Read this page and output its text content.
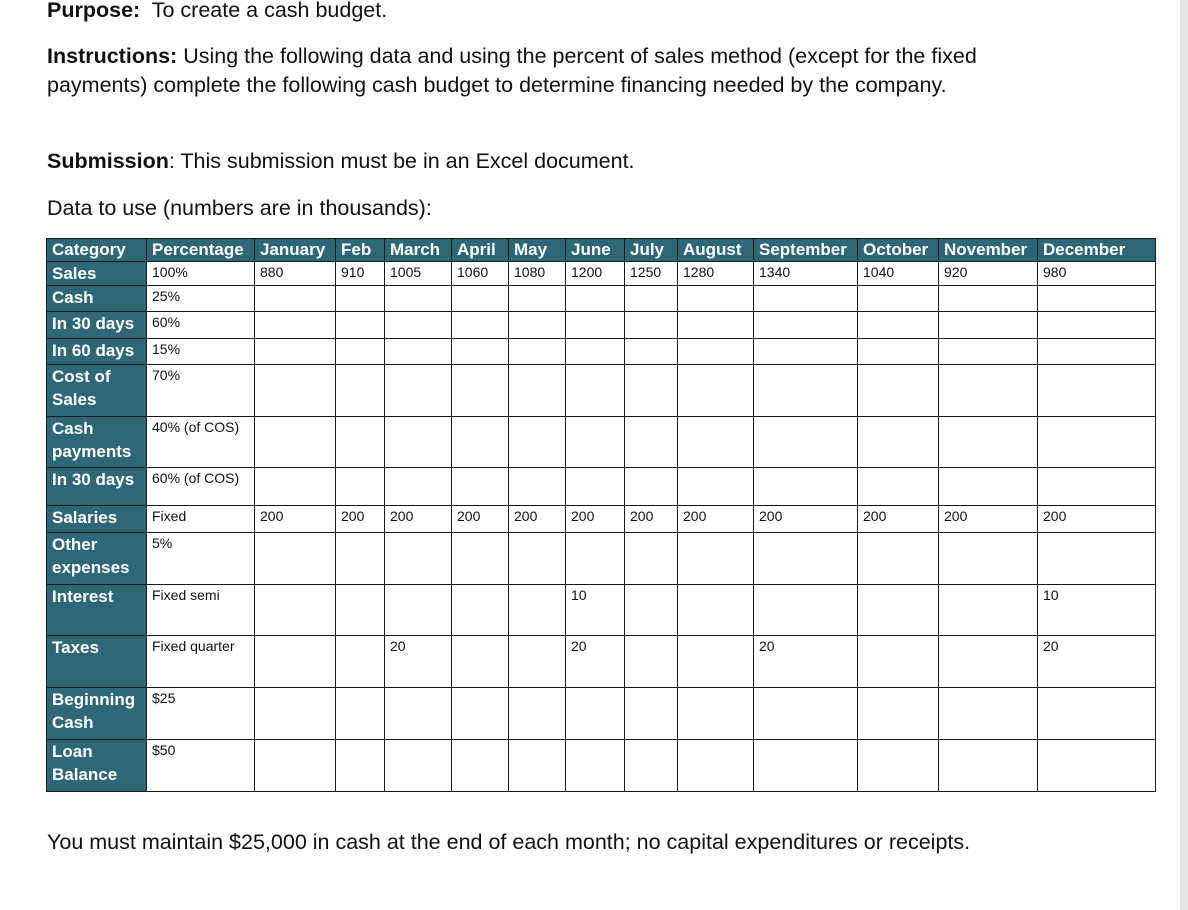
Purpose: To create a cash budget.

Instructions: Using the following data and using the percent of sales method (except for the fixed payments) complete the following cash budget to determine financing needed by the company.

Submission: This submission must be in an Excel document.

Data to use (numbers are in thousands):

Category	Percentage	January	Feb	March	April	May	June	July	August	September	October	November	December
Sales	100%	880	910	1005	1060	1080	1200	1250	1280	1340	1040	920	980
Cash	25%												
In 30 days	60%												
In 60 days	15%												
Cost of Sales	70%												
Cash payments	40% (of COS)												
In 30 days	60% (of COS)												
Salaries	Fixed	200	200	200	200	200	200	200	200	200	200	200	200
Other expenses	5%												
Interest	Fixed semi						10						10
Taxes	Fixed quarter			20			20			20			20
Beginning Cash	$25												
Loan Balance	$50												

You must maintain $25,000 in cash at the end of each month; no capital expenditures or receipts.
